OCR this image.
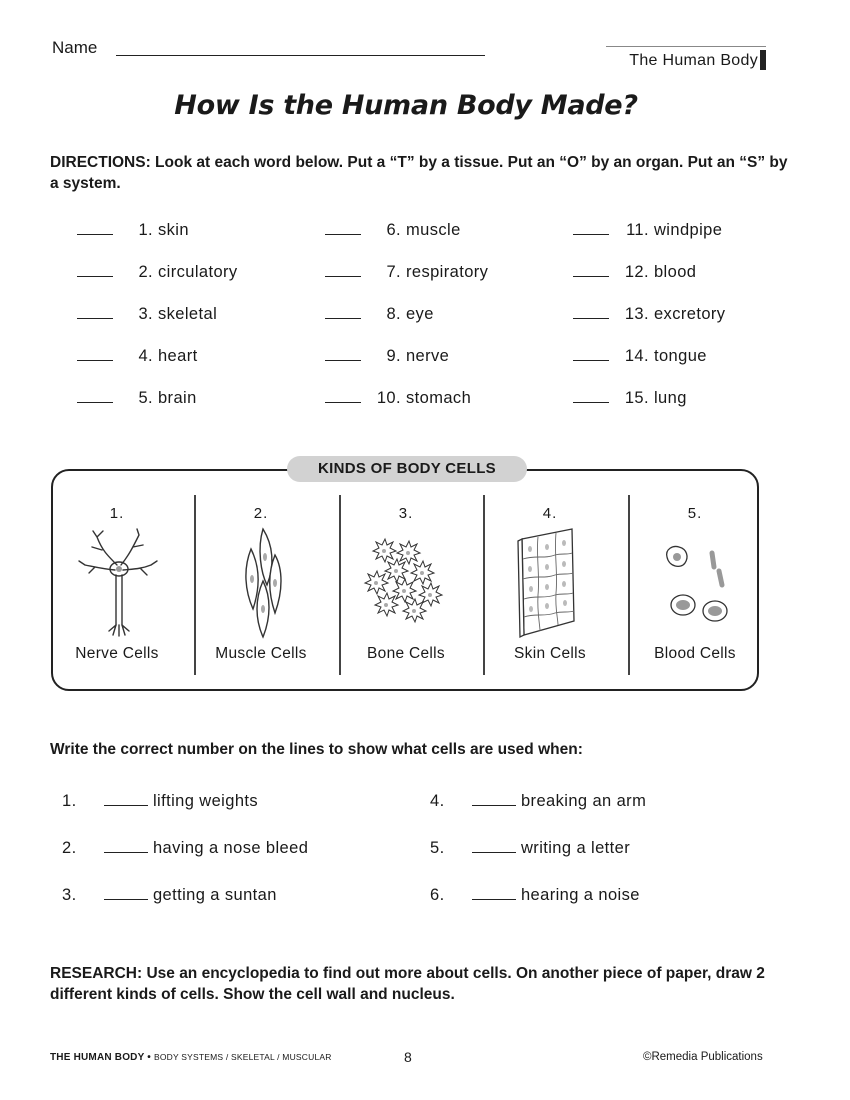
Name
The Human Body
How Is the Human Body Made?
DIRECTIONS: Look at each word below. Put a “T” by a tissue. Put an “O” by an organ. Put an “S” by a system.
1. skin
2. circulatory
3. skeletal
4. heart
5. brain
6. muscle
7. respiratory
8. eye
9. nerve
10. stomach
11. windpipe
12. blood
13. excretory
14. tongue
15. lung
KINDS OF BODY CELLS
1.
Nerve Cells
2.
Muscle Cells
3.
Bone Cells
4.
Skin Cells
5.
Blood Cells
Write the correct number on the lines to show what cells are used when:
1.	lifting weights
2.	having a nose bleed
3.	getting a suntan
4.	breaking an arm
5.	writing a letter
6.	hearing a noise
RESEARCH: Use an encyclopedia to find out more about cells. On another piece of paper, draw 2 different kinds of cells. Show the cell wall and nucleus.
THE HUMAN BODY • BODY SYSTEMS / SKELETAL / MUSCULAR	8	©Remedia Publications
